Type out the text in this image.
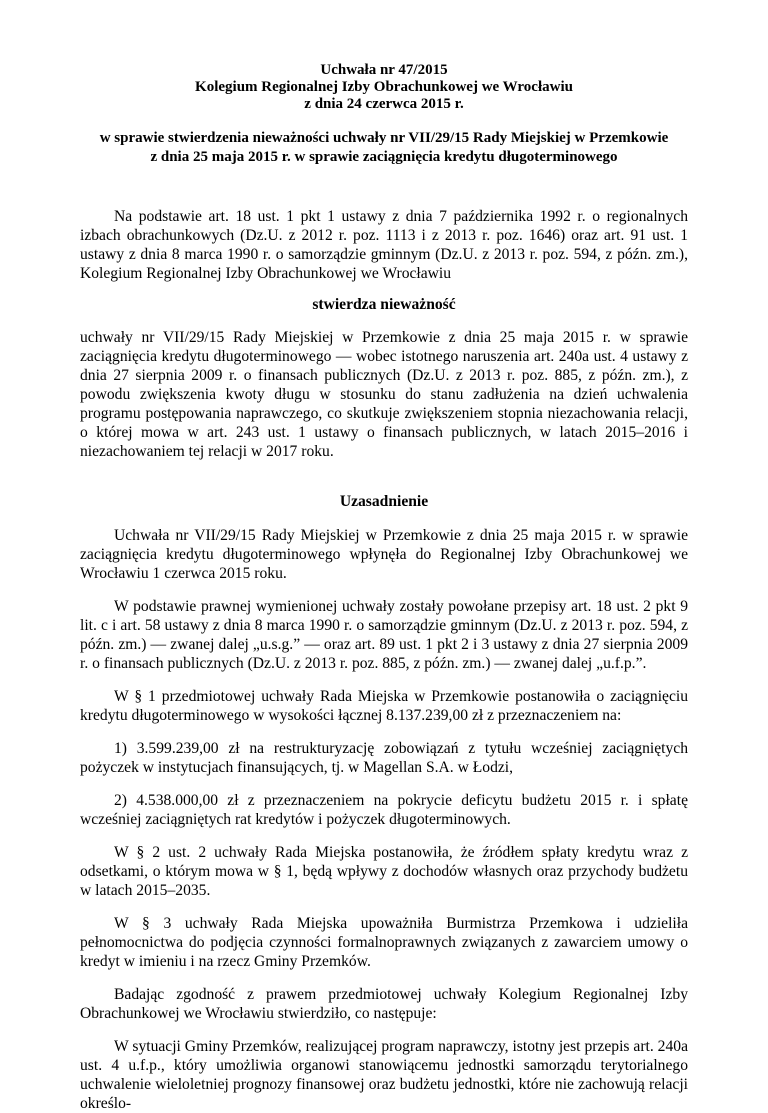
Uchwała nr 47/2015
Kolegium Regionalnej Izby Obrachunkowej we Wrocławiu
z dnia 24 czerwca 2015 r.
w sprawie stwierdzenia nieważności uchwały nr VII/29/15 Rady Miejskiej w Przemkowie
z dnia 25 maja 2015 r. w sprawie zaciągnięcia kredytu długoterminowego

Na podstawie art. 18 ust. 1 pkt 1 ustawy z dnia 7 października 1992 r. o regionalnych izbach obrachunkowych (Dz.U. z 2012 r. poz. 1113 i z 2013 r. poz. 1646) oraz art. 91 ust. 1 ustawy z dnia 8 marca 1990 r. o samorządzie gminnym (Dz.U. z 2013 r. poz. 594, z późn. zm.), Kolegium Regionalnej Izby Obrachunkowej we Wrocławiu

stwierdza nieważność

uchwały nr VII/29/15 Rady Miejskiej w Przemkowie z dnia 25 maja 2015 r. w sprawie zaciągnięcia kredytu długoterminowego — wobec istotnego naruszenia art. 240a ust. 4 ustawy z dnia 27 sierpnia 2009 r. o finansach publicznych (Dz.U. z 2013 r. poz. 885, z późn. zm.), z powodu zwiększenia kwoty długu w stosunku do stanu zadłużenia na dzień uchwalenia programu postępowania naprawczego, co skutkuje zwiększeniem stopnia niezachowania relacji, o której mowa w art. 243 ust. 1 ustawy o finansach publicznych, w latach 2015–2016 i niezachowaniem tej relacji w 2017 roku.

Uzasadnienie

Uchwała nr VII/29/15 Rady Miejskiej w Przemkowie z dnia 25 maja 2015 r. w sprawie zaciągnięcia kredytu długoterminowego wpłynęła do Regionalnej Izby Obrachunkowej we Wrocławiu 1 czerwca 2015 roku.

W podstawie prawnej wymienionej uchwały zostały powołane przepisy art. 18 ust. 2 pkt 9 lit. c i art. 58 ustawy z dnia 8 marca 1990 r. o samorządzie gminnym (Dz.U. z 2013 r. poz. 594, z późn. zm.) — zwanej dalej „u.s.g.” — oraz art. 89 ust. 1 pkt 2 i 3 ustawy z dnia 27 sierpnia 2009 r. o finansach publicznych (Dz.U. z 2013 r. poz. 885, z późn. zm.) — zwanej dalej „u.f.p.”.

W § 1 przedmiotowej uchwały Rada Miejska w Przemkowie postanowiła o zaciągnięciu kredytu długoterminowego w wysokości łącznej 8.137.239,00 zł z przeznaczeniem na:

1) 3.599.239,00 zł na restrukturyzację zobowiązań z tytułu wcześniej zaciągniętych pożyczek w instytucjach finansujących, tj. w Magellan S.A. w Łodzi,

2) 4.538.000,00 zł z przeznaczeniem na pokrycie deficytu budżetu 2015 r. i spłatę wcześniej zaciągniętych rat kredytów i pożyczek długoterminowych.

W § 2 ust. 2 uchwały Rada Miejska postanowiła, że źródłem spłaty kredytu wraz z odsetkami, o którym mowa w § 1, będą wpływy z dochodów własnych oraz przychody budżetu w latach 2015–2035.

W § 3 uchwały Rada Miejska upoważniła Burmistrza Przemkowa i udzieliła pełnomocnictwa do podjęcia czynności formalnoprawnych związanych z zawarciem umowy o kredyt w imieniu i na rzecz Gminy Przemków.

Badając zgodność z prawem przedmiotowej uchwały Kolegium Regionalnej Izby Obrachunkowej we Wrocławiu stwierdziło, co następuje:

W sytuacji Gminy Przemków, realizującej program naprawczy, istotny jest przepis art. 240a ust. 4 u.f.p., który umożliwia organowi stanowiącemu jednostki samorządu terytorialnego uchwalenie wieloletniej prognozy finansowej oraz budżetu jednostki, które nie zachowują relacji określo-
